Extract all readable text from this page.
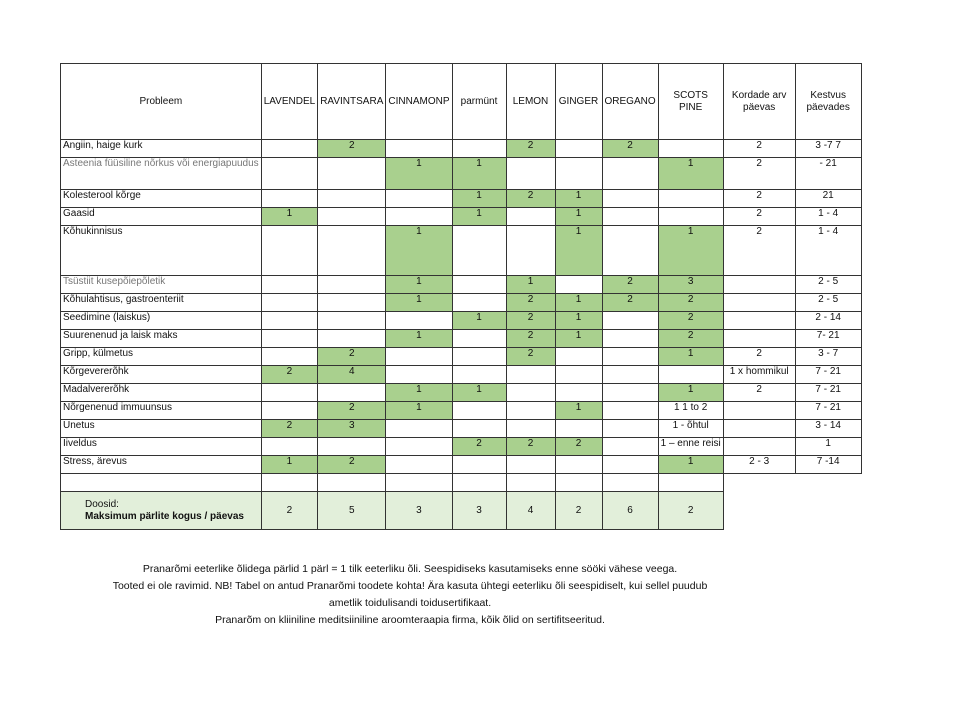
Probleem	LAVENDEL	RAVINTSARA	CINNAMONP	parmünt	LEMON	GINGER	OREGANO	SCOTS PINE	Kordade arv päevas	Kestvus päevades
Angiin, haige kurk		2			2		2		2	3 -7 7
Asteenia füüsiline nõrkus või energiapuudus			1	1				1	2	- 21
Kolesterool kõrge				1	2	1			2	21
Gaasid	1			1		1			2	1 - 4
Kõhukinnisus			1			1		1	2	1 - 4
Tsüstiit kusepõiepõletik			1		1		2	3		2 - 5
Kõhulahtisus, gastroenteriit			1		2	1	2	2		2 - 5
Seedimine (laiskus)				1	2	1		2		2 - 14
Suurenenud ja laisk maks			1		2	1		2		7- 21
Gripp, külmetus		2			2			1	2	3 - 7
Kõrgevererõhk	2	4							1 x hommikul	7 - 21
Madalvererõhk			1	1				1	2	7 - 21
Nõrgenenud immuunsus		2	1			1		1 1 to 2		7 - 21
Unetus	2	3						1 - õhtul		3 - 14
Iiveldus				2	2	2		1 – enne reisi		1
Stress, ärevus	1	2						1	2 - 3	7 -14

Doosid:
Maksimum pärlite kogus / päevas	2	5	3	3	4	2	6	2		
Pranarõmi eeterlike õlidega pärlid 1 pärl = 1 tilk eeterliku õli. Seespidiseks kasutamiseks enne sööki vähese veega.
Tooted ei ole ravimid. NB! Tabel on antud Pranarõmi toodete kohta! Ära kasuta ühtegi eeterliku õli seespidiselt, kui sellel puudub
ametlik toidulisandi toidusertifikaat.
Pranarõm on kliiniline meditsiiniline aroomteraapia firma, kõik õlid on sertifitseeritud.
